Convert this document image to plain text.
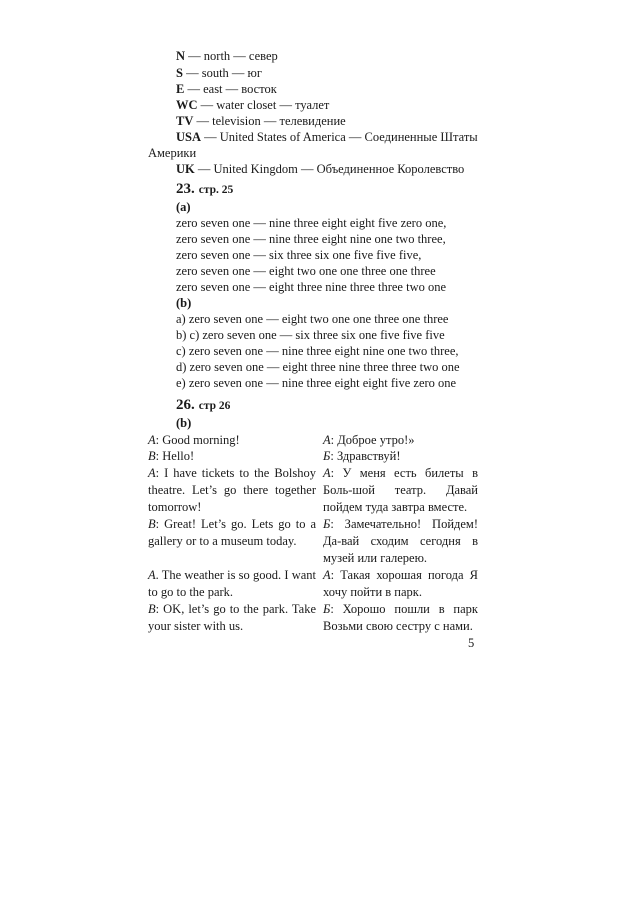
N — north — север
S — south — юг
E — east — восток
WC — water closet — туалет
TV — television — телевидение
USA — United States of America — Соединенные Штаты
Америки
UK — United Kingdom — Объединенное Королевство
23. стр. 25
(a)
zero seven one — nine three eight eight five zero one,
zero seven one — nine three eight nine one two three,
zero seven one — six three six one five five five,
zero seven one — eight two one one three one three
zero seven one — eight three nine three three two one
(b)
a) zero seven one — eight two one one three one three
b) c) zero seven one — six three six one five five five
c) zero seven one — nine three eight nine one two three,
d) zero seven one — eight three nine three three two one
e) zero seven one — nine three eight eight five zero one
26. стр 26
(b)
A: Good morning!	А: Доброе утро!»
B: Hello!	Б: Здравствуй!
A: I have tickets to the Bolshoy theatre. Let’s go there together tomorrow!
А: У меня есть билеты в Боль-шой театр. Давай пойдем туда завтра вместе.
B: Great! Let’s go. Lets go to a gallery or to a museum today.
Б: Замечательно! Пойдем! Да-вай сходим сегодня в музей или галерею.
A. The weather is so good. I want to go to the park.
А: Такая хорошая погода Я хочу пойти в парк.
B: OK, let’s go to the park. Take your sister with us.
Б: Хорошо пошли в парк Возьми свою сестру с нами.
5
